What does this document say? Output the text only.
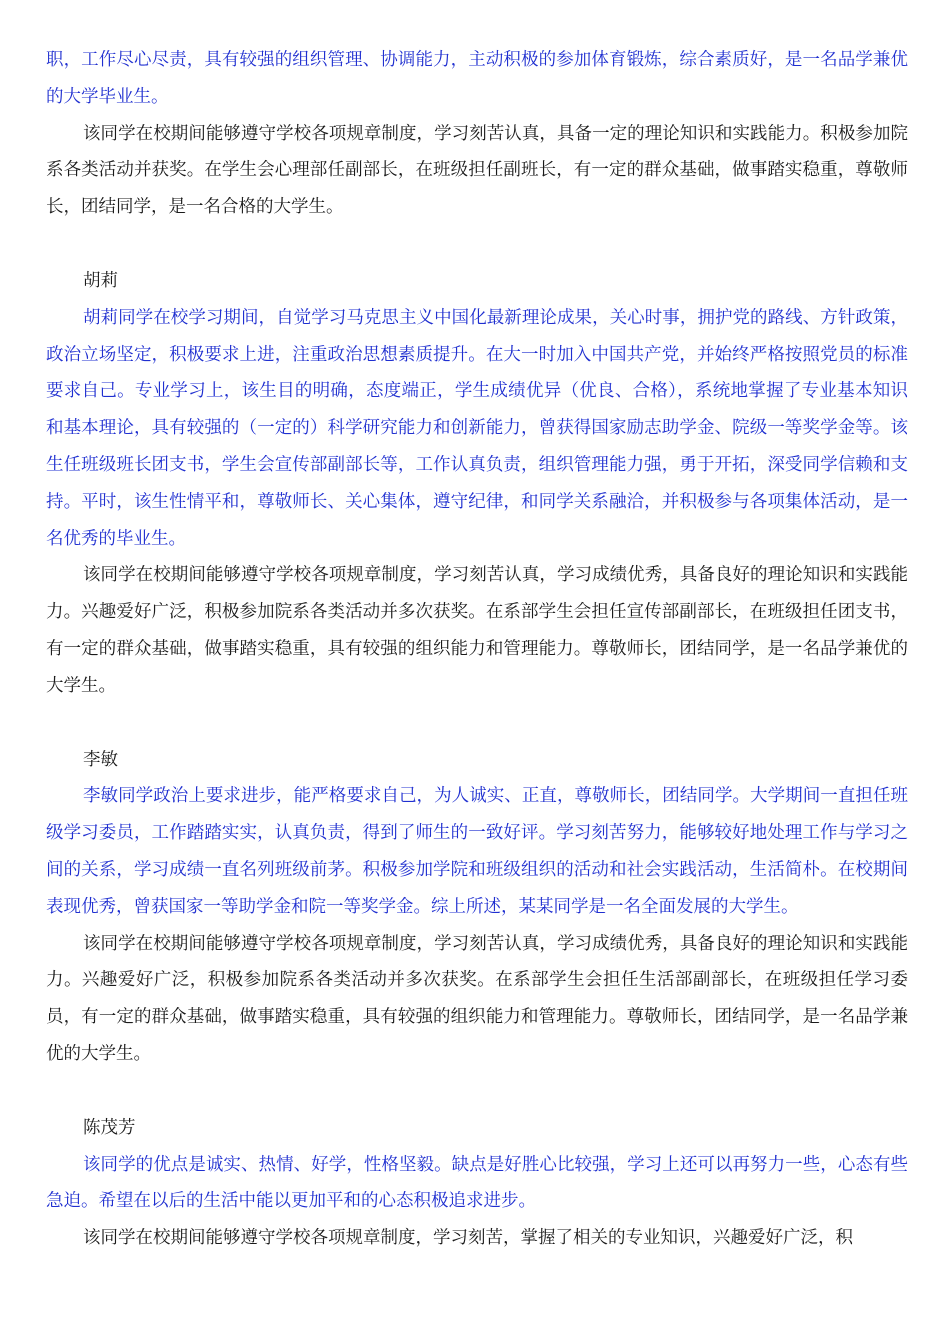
职，工作尽心尽责，具有较强的组织管理、协调能力，主动积极的参加体育锻炼，综合素质好，是一名品学兼优的大学毕业生。

该同学在校期间能够遵守学校各项规章制度，学习刻苦认真，具备一定的理论知识和实践能力。积极参加院系各类活动并获奖。在学生会心理部任副部长，在班级担任副班长，有一定的群众基础，做事踏实稳重，尊敬师长，团结同学，是一名合格的大学生。

胡莉

胡莉同学在校学习期间，自觉学习马克思主义中国化最新理论成果，关心时事，拥护党的路线、方针政策，政治立场坚定，积极要求上进，注重政治思想素质提升。在大一时加入中国共产党，并始终严格按照党员的标准要求自己。专业学习上，该生目的明确，态度端正，学生成绩优异（优良、合格），系统地掌握了专业基本知识和基本理论，具有较强的（一定的）科学研究能力和创新能力，曾获得国家励志助学金、院级一等奖学金等。该生任班级班长团支书，学生会宣传部副部长等，工作认真负责，组织管理能力强，勇于开拓，深受同学信赖和支持。平时，该生性情平和，尊敬师长、关心集体，遵守纪律，和同学关系融洽，并积极参与各项集体活动，是一名优秀的毕业生。

该同学在校期间能够遵守学校各项规章制度，学习刻苦认真，学习成绩优秀，具备良好的理论知识和实践能力。兴趣爱好广泛，积极参加院系各类活动并多次获奖。在系部学生会担任宣传部副部长，在班级担任团支书，有一定的群众基础，做事踏实稳重，具有较强的组织能力和管理能力。尊敬师长，团结同学，是一名品学兼优的大学生。

李敏

李敏同学政治上要求进步，能严格要求自己，为人诚实、正直，尊敬师长，团结同学。大学期间一直担任班级学习委员，工作踏踏实实，认真负责，得到了师生的一致好评。学习刻苦努力，能够较好地处理工作与学习之间的关系，学习成绩一直名列班级前茅。积极参加学院和班级组织的活动和社会实践活动，生活简朴。在校期间表现优秀，曾获国家一等助学金和院一等奖学金。综上所述，某某同学是一名全面发展的大学生。

该同学在校期间能够遵守学校各项规章制度，学习刻苦认真，学习成绩优秀，具备良好的理论知识和实践能力。兴趣爱好广泛，积极参加院系各类活动并多次获奖。在系部学生会担任生活部副部长，在班级担任学习委员，有一定的群众基础，做事踏实稳重，具有较强的组织能力和管理能力。尊敬师长，团结同学，是一名品学兼优的大学生。

陈茂芳

该同学的优点是诚实、热情、好学，性格坚毅。缺点是好胜心比较强，学习上还可以再努力一些，心态有些急迫。希望在以后的生活中能以更加平和的心态积极追求进步。

该同学在校期间能够遵守学校各项规章制度，学习刻苦，掌握了相关的专业知识，兴趣爱好广泛，积
